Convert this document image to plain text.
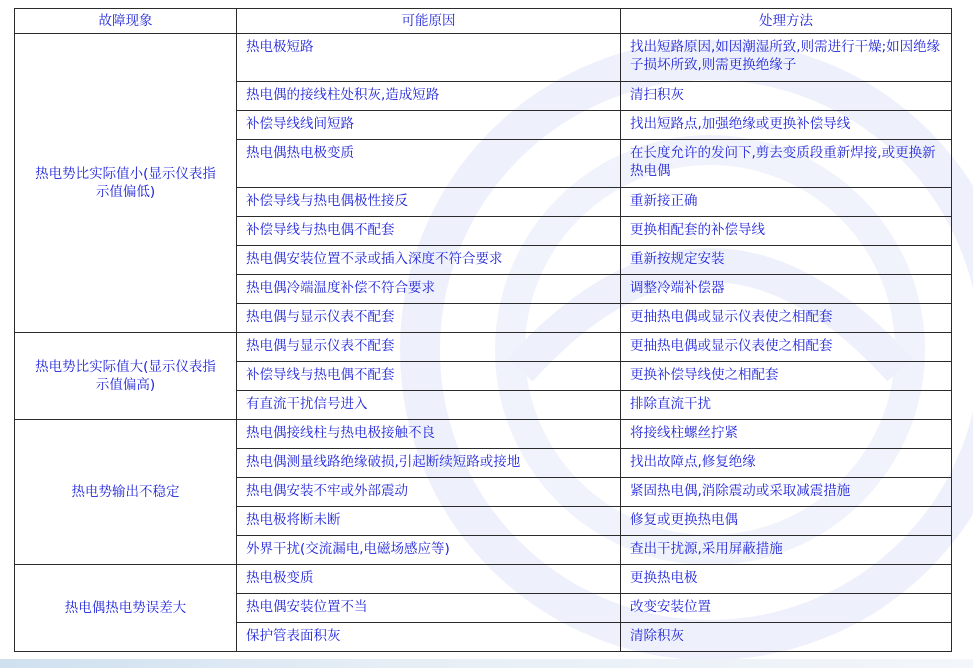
故障现象	可能原因	处理方法
热电势比实际值小(显示仪表指示值偏低)	热电极短路	找出短路原因,如因潮湿所致,则需进行干燥;如因绝缘子损坏所致,则需更换绝缘子
	热电偶的接线柱处积灰,造成短路	清扫积灰
	补偿导线线间短路	找出短路点,加强绝缘或更换补偿导线
	热电偶热电极变质	在长度允许的发问下,剪去变质段重新焊接,或更换新热电偶
	补偿导线与热电偶极性接反	重新接正确
	补偿导线与热电偶不配套	更换相配套的补偿导线
	热电偶安装位置不录或插入深度不符合要求	重新按规定安装
	热电偶冷端温度补偿不符合要求	调整冷端补偿器
	热电偶与显示仪表不配套	更抽热电偶或显示仪表使之相配套
热电势比实际值大(显示仪表指示值偏高)	热电偶与显示仪表不配套	更抽热电偶或显示仪表使之相配套
	补偿导线与热电偶不配套	更换补偿导线使之相配套
	有直流干扰信号进入	排除直流干扰
热电势输出不稳定	热电偶接线柱与热电极接触不良	将接线柱螺丝拧紧
	热电偶测量线路绝缘破损,引起断续短路或接地	找出故障点,修复绝缘
	热电偶安装不牢或外部震动	紧固热电偶,消除震动或采取减震措施
	热电极将断未断	修复或更换热电偶
	外界干扰(交流漏电,电磁场感应等)	查出干扰源,采用屏蔽措施
热电偶热电势误差大	热电极变质	更换热电极
	热电偶安装位置不当	改变安装位置
	保护管表面积灰	清除积灰
